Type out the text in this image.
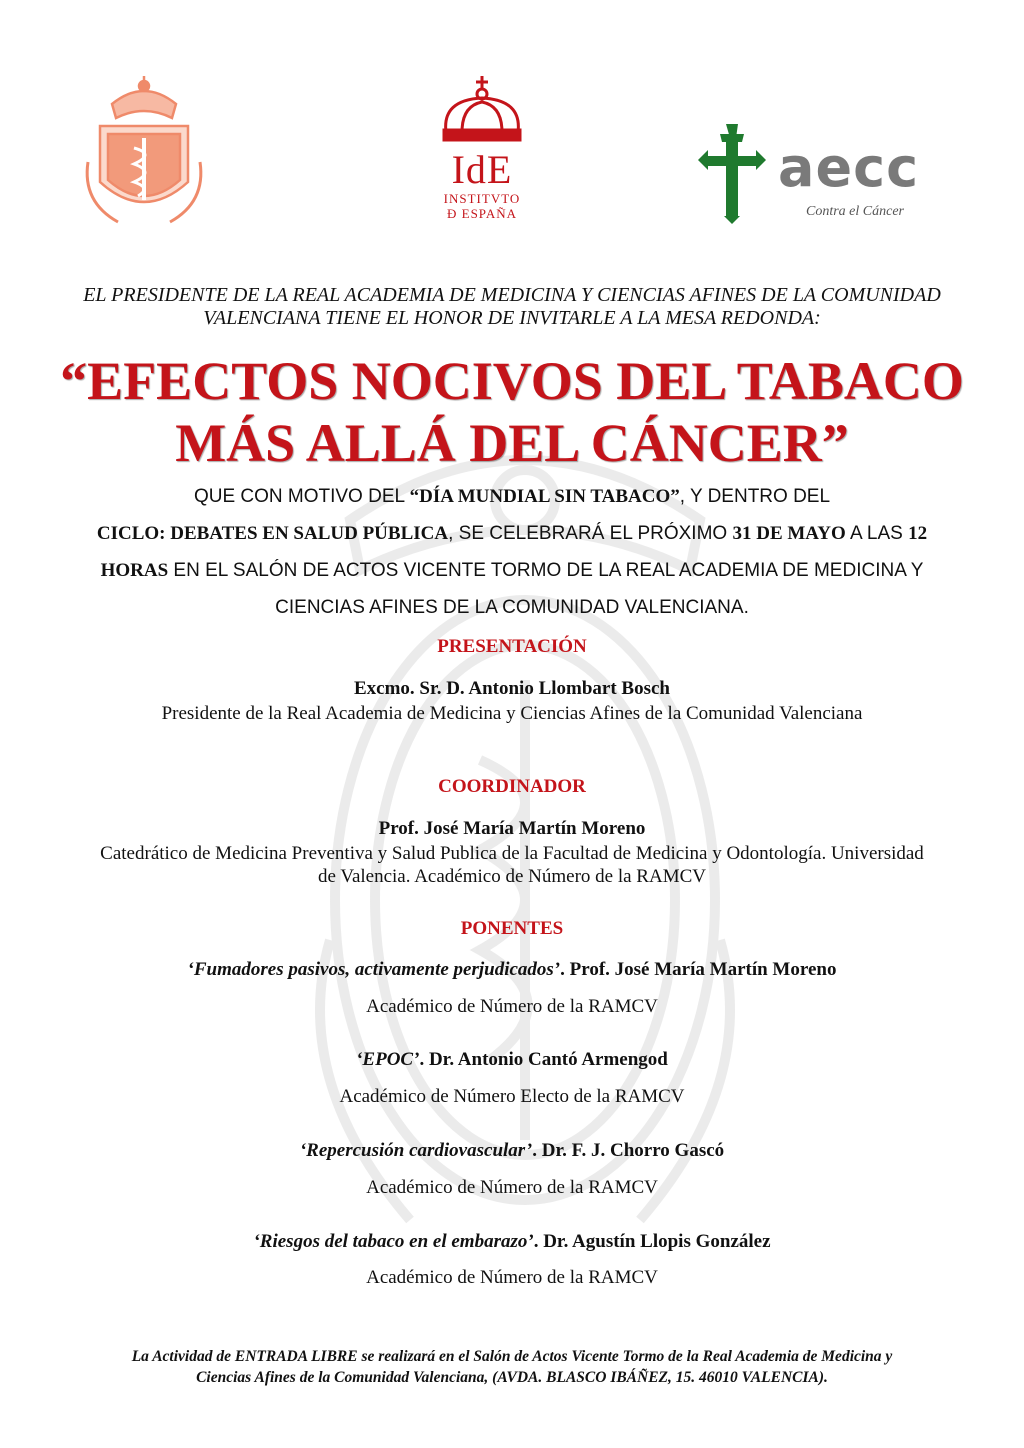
IdE
INSTITVTO
Ð ESPAÑA
aecc
Contra el Cáncer
EL PRESIDENTE DE LA REAL ACADEMIA DE MEDICINA Y CIENCIAS AFINES DE LA COMUNIDAD
VALENCIANA TIENE EL HONOR DE INVITARLE A LA MESA REDONDA:
“EFECTOS NOCIVOS DEL TABACO
MÁS ALLÁ DEL CÁNCER”
QUE CON MOTIVO DEL “DÍA MUNDIAL SIN TABACO”, Y DENTRO DEL
CICLO: DEBATES EN SALUD PÚBLICA, SE CELEBRARÁ EL PRÓXIMO 31 DE MAYO A LAS 12
HORAS EN EL SALÓN DE ACTOS VICENTE TORMO DE LA REAL ACADEMIA DE MEDICINA Y
CIENCIAS AFINES DE LA COMUNIDAD VALENCIANA.
PRESENTACIÓN
Excmo. Sr. D. Antonio Llombart Bosch
Presidente de la Real Academia de Medicina y Ciencias Afines de la Comunidad Valenciana
COORDINADOR
Prof. José María Martín Moreno
Catedrático de Medicina Preventiva y Salud Publica de la Facultad de Medicina y Odontología. Universidad
de Valencia. Académico de Número de la RAMCV
PONENTES
‘Fumadores pasivos, activamente perjudicados’. Prof. José María Martín Moreno
Académico de Número de la RAMCV
‘EPOC’. Dr. Antonio Cantó Armengod
Académico de Número Electo de la RAMCV
‘Repercusión cardiovascular’. Dr. F. J. Chorro Gascó
Académico de Número de la RAMCV
‘Riesgos del tabaco en el embarazo’. Dr. Agustín Llopis González
Académico de Número de la RAMCV
La Actividad de ENTRADA LIBRE se realizará en el Salón de Actos Vicente Tormo de la Real Academia de Medicina y
Ciencias Afines de la Comunidad Valenciana, (AVDA. BLASCO IBÁÑEZ, 15. 46010 VALENCIA).
